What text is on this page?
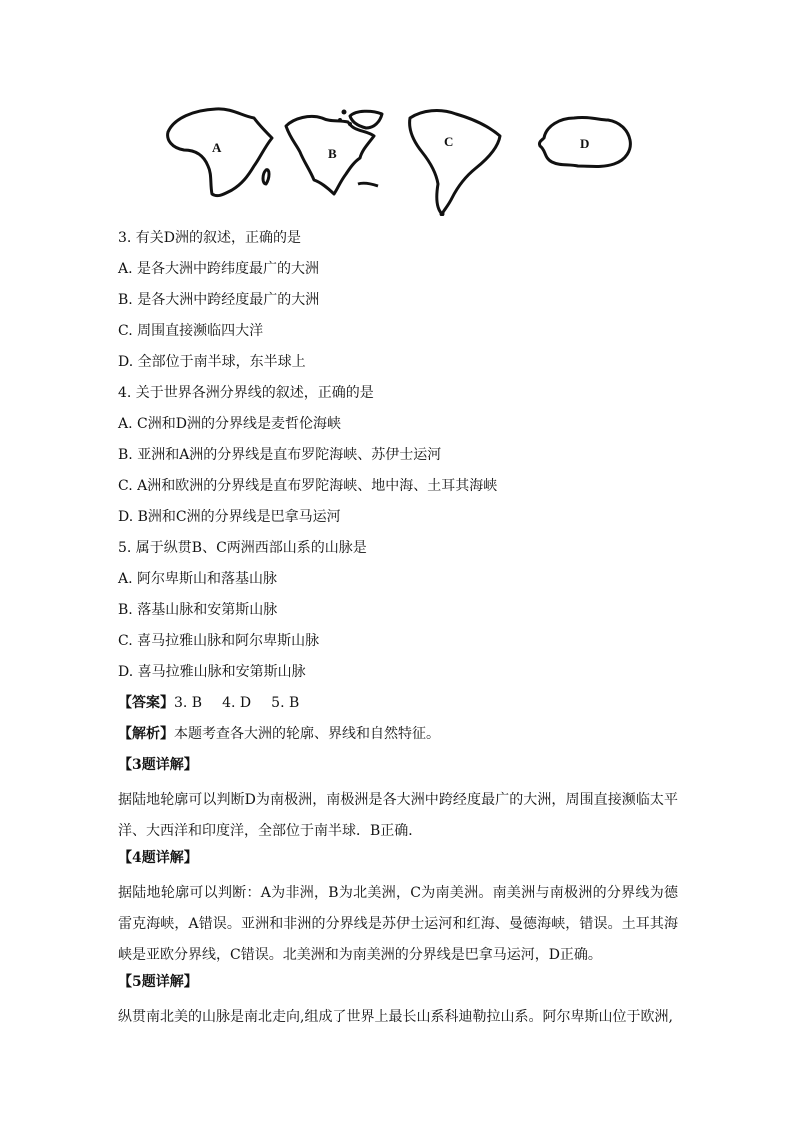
A	B
C	D
3. 有关D洲的叙述，正确的是
A. 是各大洲中跨纬度最广的大洲
B. 是各大洲中跨经度最广的大洲
C. 周围直接濒临四大洋
D. 全部位于南半球，东半球上
4. 关于世界各洲分界线的叙述，正确的是
A. C洲和D洲的分界线是麦哲伦海峡
B. 亚洲和A洲的分界线是直布罗陀海峡、苏伊士运河
C. A洲和欧洲的分界线是直布罗陀海峡、地中海、土耳其海峡
D. B洲和C洲的分界线是巴拿马运河
5. 属于纵贯B、C两洲西部山系的山脉是
A. 阿尔卑斯山和落基山脉
B. 落基山脉和安第斯山脉
C. 喜马拉雅山脉和阿尔卑斯山脉
D. 喜马拉雅山脉和安第斯山脉
【答案】3. B 4. D 5. B
【解析】本题考查各大洲的轮廓、界线和自然特征。
【3题详解】

据陆地轮廓可以判断D为南极洲，南极洲是各大洲中跨经度最广的大洲，周围直接濒临太平洋、大西洋和印度洋，全部位于南半球．B正确．

【4题详解】

据陆地轮廓可以判断：A为非洲，B为北美洲，C为南美洲。南美洲与南极洲的分界线为德雷克海峡，A错误。亚洲和非洲的分界线是苏伊士运河和红海、曼德海峡，错误。土耳其海峡是亚欧分界线，C错误。北美洲和为南美洲的分界线是巴拿马运河，D正确。

【5题详解】

纵贯南北美的山脉是南北走向,组成了世界上最长山系科迪勒拉山系。阿尔卑斯山位于欧洲,
